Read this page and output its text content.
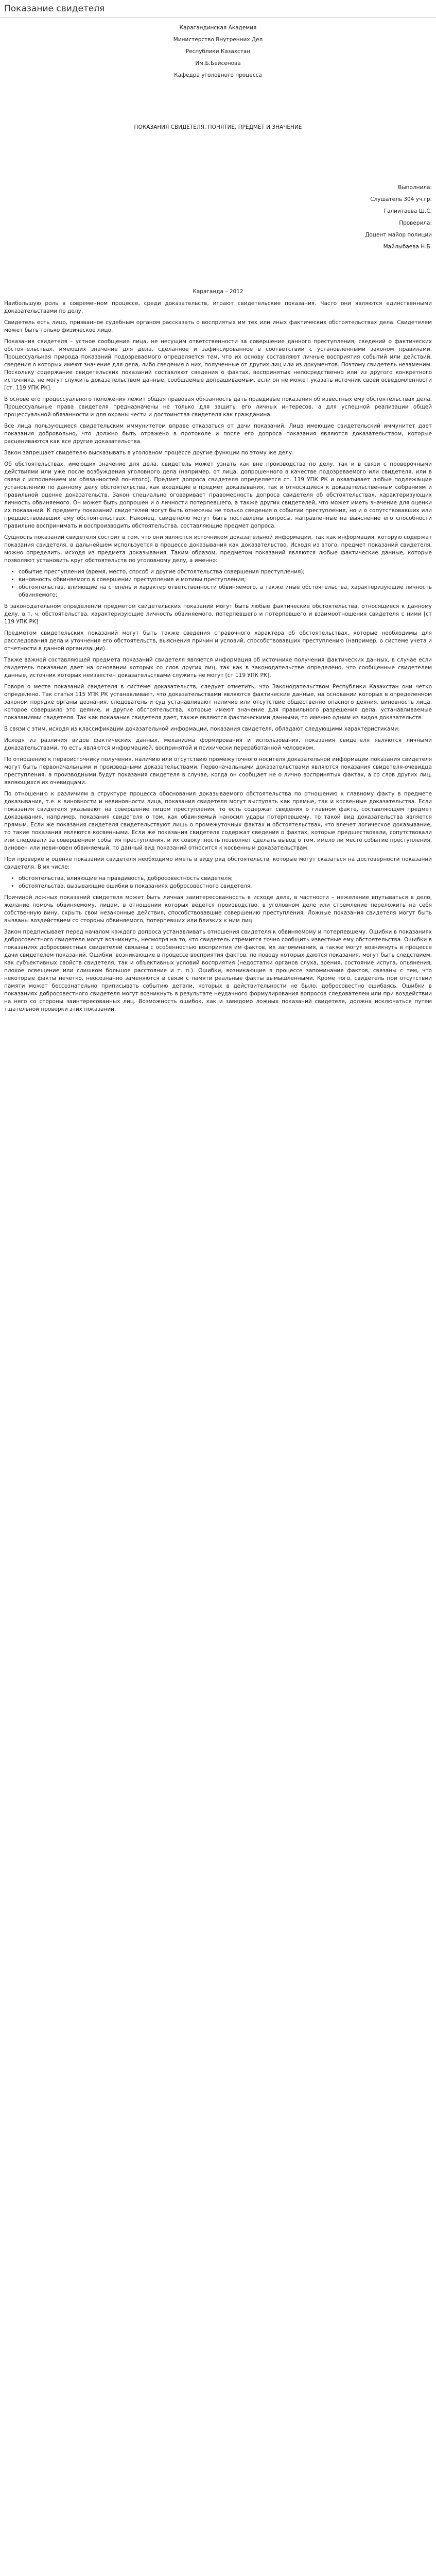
Показание свидетеля
Карагандинская Академия
Министерство Внутренних Дел
Республики Казахстан
Им.Б.Бейсенова
Кафедра уголовного процесса
ПОКАЗАНИЯ СВИДЕТЕЛЯ. ПОНЯТИЕ, ПРЕДМЕТ И ЗНАЧЕНИЕ
Выполнила:
Слушатель 304 уч.гр.
Галиитаева Ш.С.
Проверила:
Доцент майор полиции
Майлыбаева Н.Б.
Караганда – 2012

Наибольшую роль в современном процессе, среди доказательств, играют свидетельские показания. Часто они являются единственными доказательствами по делу.

Свидетель есть лицо, призванное судебным органом рассказать о восприятых им тех или иных фактических обстоятельствах дела. Свидетелем может быть только физическое лицо.

Показания свидетеля – устное сообщение лица, не несущим ответственности за совершение данного преступления, сведений о фактических обстоятельствах, имеющих значение для дела, сделанное и зафиксированное в соответствии с установленными законом правилами. Процессуальная природа показаний подозреваемого определяется тем, что их основу составляют личные восприятия событий или действий, сведения о которых имеют значение для дела, либо сведения о них, полученные от других лиц или из документов. Поэтому свидетель незаменим. Поскольку содержание свидетельских показаний составляют сведения о фактах, воспринятых непосредственно или из другого конкретного источника, не могут служить доказательством данные, сообщаемые допрашиваемым, если он не может указать источник своей осведомленности [ст. 119 УПК РК].

В основе его процессуального положения лежит общая правовая обязанность дать правдивые показания об известных ему обстоятельствах дела. Процессуальные права свидетеля предназначены не только для защиты его личных интересов, а для успешной реализации общей процессуальной обязанности и для охраны чести и достоинства свидетеля как гражданина.

Все лица пользующиеся свидетельским иммунитетом вправе отказаться от дачи показаний. Лица имеющие свидетельский иммунитет дает показания добровольно, что должно быть отражено в протоколе и после его допроса показания являются доказательством, которые расцениваются как все другие доказательства.

Закон запрещает свидетелю высказывать в уголовном процессе другие функции по этому же делу.

Об обстоятельствах, имеющих значение для дела, свидетель может узнать как вне производства по делу, так и в связи с проверочными действиями или уже после возбуждения уголовного дела (например, от лица, допрошенного в качестве подозреваемого или свидетеля, или в связи с исполнением им обязанностей понятого). Предмет допроса свидетеля определяется ст. 119 УПК РК и охватывает любые подлежащие установлению по данному делу обстоятельства, как входящие в предмет доказывания, так и относящиеся к доказательственным собраниям и правильной оценке доказательств. Закон специально оговаривает правомерность допроса свидетеля об обстоятельствах, характеризующих личность обвиняемого. Он может быть допрошен и о личности потерпевшего, а также других свидетелей, что может иметь значение для оценки их показаний. К предмету показаний свидетелей могут быть отнесены не только сведения о событии преступления, но и о сопутствовавших или предшествовавших ему обстоятельствах. Наконец, свидетелю могут быть поставлены вопросы, направленные на выяснение его способности правильно воспринимать и воспроизводить обстоятельства, составляющие предмет допроса.

Сущность показаний свидетеля состоит в том, что они являются источником доказательной информации, так как информация, которую содержат показания свидетеля, в дальнейшем используется в процессе доказывания как доказательство. Исходя из этого, предмет показаний свидетеля, можно определить, исходя из предмета доказывания. Таким образом, предметом показаний являются любые фактические данные, которые позволяют установить круг обстоятельств по уголовному делу, а именно:

• событие преступления (время, место, способ и другие обстоятельства совершения преступления);
• виновность обвиняемого в совершении преступления и мотивы преступления;
• обстоятельства, влияющие на степень и характер ответственности обвиняемого, а также иные обстоятельства, характеризующие личность обвиняемого;

В законодательном определении предметом свидетельских показаний могут быть любые фактические обстоятельства, относящиеся к данному делу, в т. ч. обстоятельства, характеризующие личность обвиняемого, потерпевшего и потерпевшего и взаимоотношения свидетеля с ними [ст 119 УПК РК]

Предметом свидетельских показаний могут быть также сведения справочного характера об обстоятельствах, которые необходимы для расследования дела и уточнения его обстоятельств, выяснения причин и условий, способствовавших преступлению (например, о системе учета и отчетности в данной организации).

Также важной составляющей предмета показаний свидетеля является информация об источнике получения фактических данных, в случае если свидетель показания дает на основании которых со слов других лиц, так как в законодательстве определено, что сообщенные свидетелем данные, источник которых неизвестен доказательствами служить не могут [ст 119 УПК РК].

Говоря о месте показаний свидетеля в системе доказательств, следует отметить, что Законодательством Республики Казахстан они четко определено. Так статья 115 УПК РК устанавливает, что доказательствами являются фактические данные, на основании которых в определенном законом порядке органы дознания, следователь и суд устанавливают наличие или отсутствие общественно опасного деяния, виновность лица, которое совершило это деяние, и другие обстоятельства, которые имеют значение для правильного разрешения дела, устанавливаемые показаниями свидетеля. Так как показания свидетеля дает, также являются фактическими данными, то именно одним из видов доказательств.

В связи с этим, исходя из классификации доказательной информации, показания свидетеля, обладают следующими характеристиками:

Исходя из различия видов фактических данных, механизма формирования и использования, показания свидетеля являются личными доказательствами, то есть являются информацией, воспринятой и психически переработанной человеком.

По отношению к первоисточнику получения, наличию или отсутствию промежуточного носителя доказательной информации показания свидетеля могут быть первоначальными и производными доказательствами. Первоначальными доказательствами являются показания свидетеля-очевидца преступления, а производными будут показания свидетеля в случае, когда он сообщает не о лично воспринятых фактах, а со слов других лиц, являющихся их очевидцами.

По отношению к различиям в структуре процесса обоснования доказываемого обстоятельства по отношению к главному факту в предмете доказывания, т.е. к виновности и невиновности лица, показания свидетеля могут выступать как прямые, так и косвенные доказательства. Если показания свидетеля указывают на совершение лицом преступления, то есть содержат сведения о главном факте, составляющем предмет доказывания, например, показания свидетеля о том, как обвиняемый наносил удары потерпевшему, то такой вид доказательства является прямым. Если же показания свидетеля свидетельствуют лишь о промежуточных фактах и обстоятельствах, что влечет логическое доказывание, то такие показания являются косвенными. Если же показания свидетеля содержат сведения о фактах, которые предшествовали, сопутствовали или следовали за совершением события преступления, и их совокупность позволяет сделать вывод о том, имело ли место событие преступления, виновен или невиновен обвиняемый, то данный вид показаний относится к косвенным доказательствам.

При проверке и оценке показаний свидетеля необходимо иметь в виду ряд обстоятельств, которые могут сказаться на достоверности показаний свидетеля. В их числе:

• обстоятельства, влияющие на правдивость, добросовестность свидетеля;
• обстоятельства, вызывающие ошибки в показаниях добросовестного свидетеля.

Причиной ложных показаний свидетеля может быть личная заинтересованность в исходе дела, в частности – нежелание впутываться в дело, желание помочь обвиняемому, лицам, в отношении которых ведется производство, в уголовном деле или стремление переложить на себя собственную вину, скрыть свои незаконные действия, способствовавшие совершению преступления. Ложные показания свидетеля могут быть вызваны воздействием со стороны обвиняемого, потерпевших или близких к ним лиц.

Закон предписывает перед началом каждого допроса устанавливать отношения свидетеля к обвиняемому и потерпевшему. Ошибки в показаниях добросовестного свидетеля могут возникнуть, несмотря на то, что свидетель стремится точно сообщить известные ему обстоятельства. Ошибки в показаниях добросовестных свидетелей связаны с особенностью восприятия им фактов, их запоминания, а также могут возникнуть в процессе дачи свидетелем показаний. Ошибки, возникающие в процессе восприятия фактов, по поводу которых даются показания, могут быть следствием, как субъективных свойств свидетеля, так и объективных условий восприятия (недостатки органов слуха, зрения, состояние испуга, опьянения, плохое освещение или слишком большое расстояние и т. п.). Ошибки, возникающие в процессе запоминания фактов, связаны с тем, что некоторые факты нечетко, неосознанно заменяются в связи с памяти реальные факты вымышленными. Кроме того, свидетель при отсутствии памяти может бессознательно приписывать событию детали, которых в действительности не было, добросовестно ошибаясь. Ошибки в показаниях добросовестного свидетеля могут возникнуть в результате неудачного формулирования вопросов следователем или при воздействии на него со стороны заинтересованных лиц. Возможность ошибок, как и заведомо ложных показаний свидетеля, должна исключаться путем тщательной проверки этих показаний.
